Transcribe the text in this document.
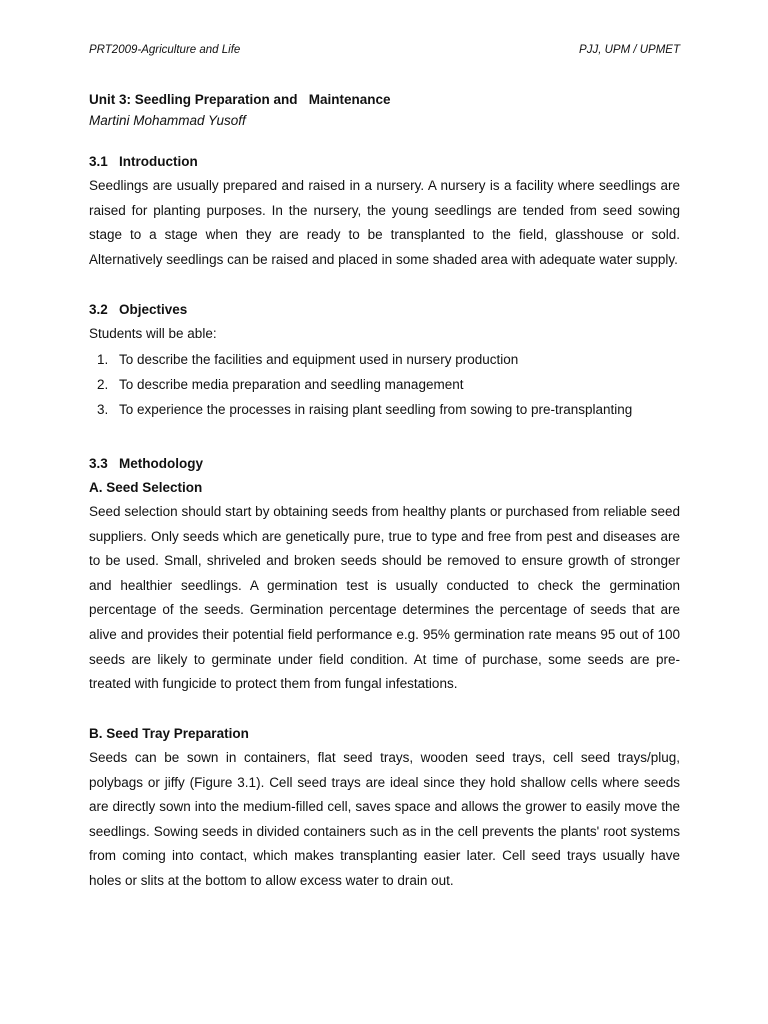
PRT2009-Agriculture and Life	PJJ, UPM / UPMET
Unit 3: Seedling Preparation and   Maintenance
Martini Mohammad Yusoff
3.1   Introduction

Seedlings are usually prepared and raised in a nursery. A nursery is a facility where seedlings are raised for planting purposes. In the nursery, the young seedlings are tended from seed sowing stage to a stage when they are ready to be transplanted to the field, glasshouse or sold. Alternatively seedlings can be raised and placed in some shaded area with adequate water supply.

3.2   Objectives
Students will be able:
1. To describe the facilities and equipment used in nursery production
2. To describe media preparation and seedling management
3. To experience the processes in raising plant seedling from sowing to pre-transplanting
3.3   Methodology
A. Seed Selection

Seed selection should start by obtaining seeds from healthy plants or purchased from reliable seed suppliers. Only seeds which are genetically pure, true to type and free from pest and diseases are to be used. Small, shriveled and broken seeds should be removed to ensure growth of stronger and healthier seedlings. A germination test is usually conducted to check the germination percentage of the seeds. Germination percentage determines the percentage of seeds that are alive and provides their potential field performance e.g. 95% germination rate means 95 out of 100 seeds are likely to germinate under field condition. At time of purchase, some seeds are pre-treated with fungicide to protect them from fungal infestations.

B. Seed Tray Preparation

Seeds can be sown in containers, flat seed trays, wooden seed trays, cell seed trays/plug, polybags or jiffy (Figure 3.1). Cell seed trays are ideal since they hold shallow cells where seeds are directly sown into the medium-filled cell, saves space and allows the grower to easily move the seedlings. Sowing seeds in divided containers such as in the cell prevents the plants' root systems from coming into contact, which makes transplanting easier later. Cell seed trays usually have holes or slits at the bottom to allow excess water to drain out.
